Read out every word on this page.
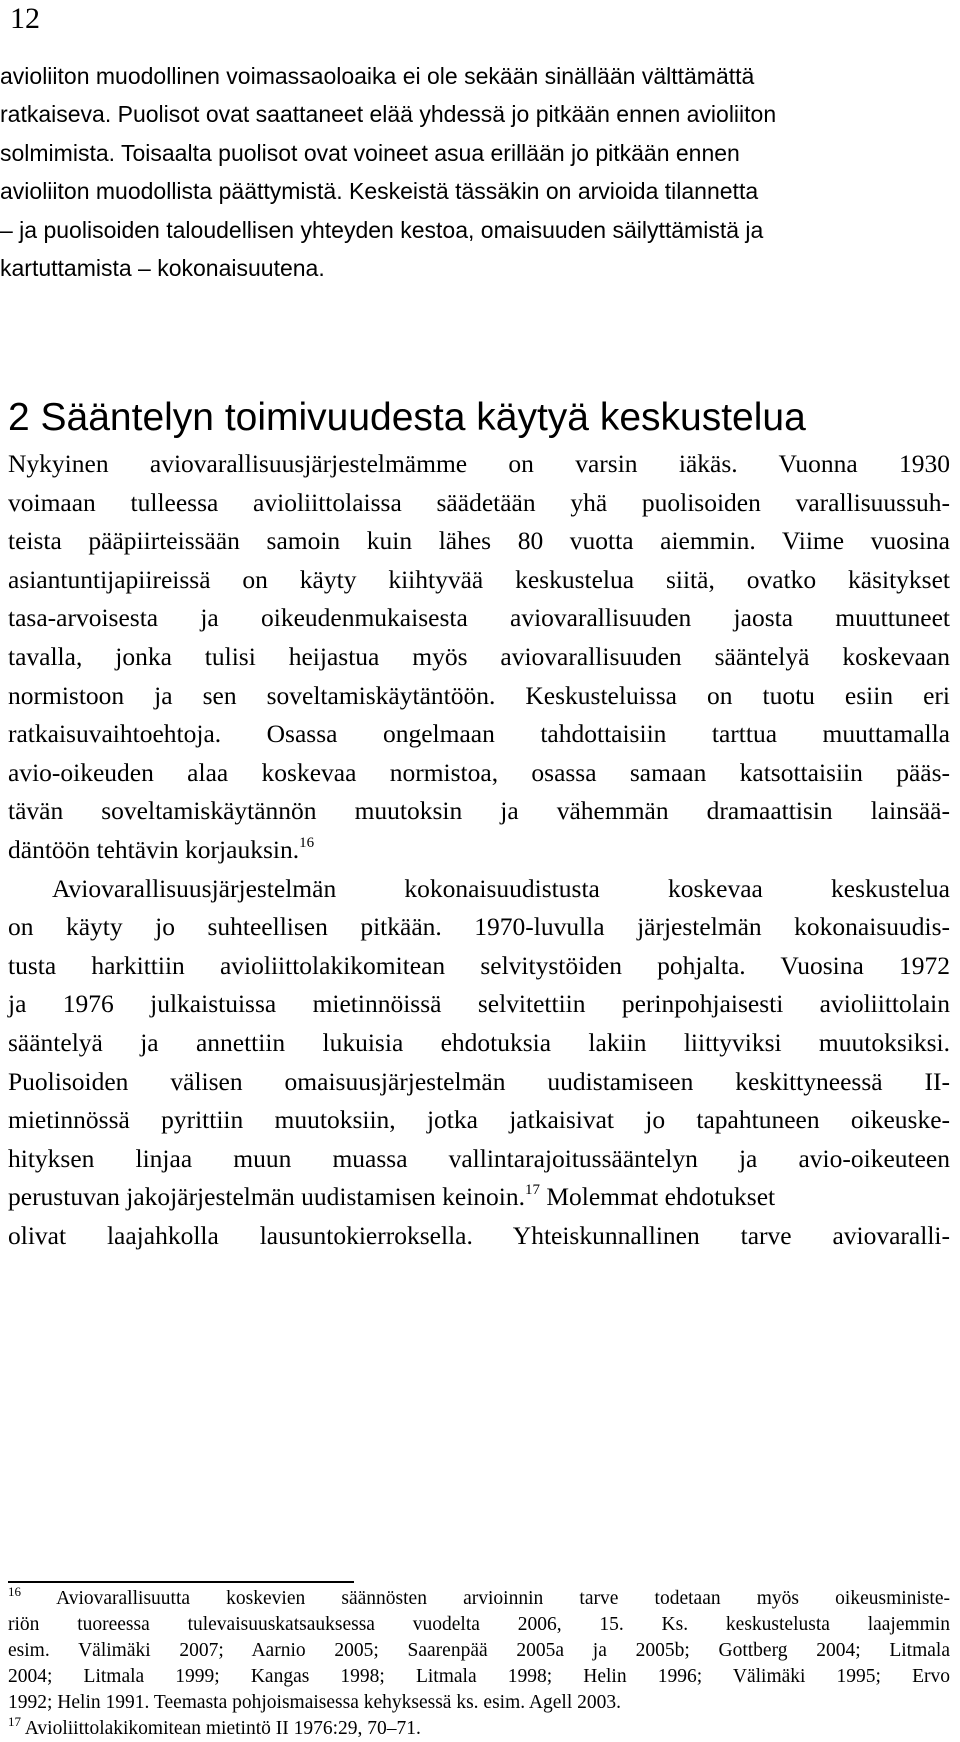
12
avioliiton muodollinen voimassaoloaika ei ole sekään sinällään välttämättä
ratkaiseva. Puolisot ovat saattaneet elää yhdessä jo pitkään ennen avioliiton
solmimista. Toisaalta puolisot ovat voineet asua erillään jo pitkään ennen
avioliiton muodollista päättymistä. Keskeistä tässäkin on arvioida tilannetta
– ja puolisoiden taloudellisen yhteyden kestoa, omaisuuden säilyttämistä ja
kartuttamista – kokonaisuutena.
2 Sääntelyn toimivuudesta käytyä keskustelua
Nykyinen aviovarallisuusjärjestelmämme on varsin iäkäs. Vuonna 1930
voimaan tulleessa avioliittolaissa säädetään yhä puolisoiden varallisuussuh-
teista pääpiirteissään samoin kuin lähes 80 vuotta aiemmin. Viime vuosina
asiantuntijapiireissä on käyty kiihtyvää keskustelua siitä, ovatko käsitykset
tasa-arvoisesta ja oikeudenmukaisesta aviovarallisuuden jaosta muuttuneet
tavalla, jonka tulisi heijastua myös aviovarallisuuden sääntelyä koskevaan
normistoon ja sen soveltamiskäytäntöön. Keskusteluissa on tuotu esiin eri
ratkaisuvaihtoehtoja. Osassa ongelmaan tahdottaisiin tarttua muuttamalla
avio-oikeuden alaa koskevaa normistoa, osassa samaan katsottaisiin pääs-
tävän soveltamiskäytännön muutoksin ja vähemmän dramaattisin lainsää-
däntöön tehtävin korjauksin.$^{16}$
Aviovarallisuusjärjestelmän kokonaisuudistusta koskevaa keskustelua
on käyty jo suhteellisen pitkään. 1970-luvulla järjestelmän kokonaisuudis-
tusta harkittiin avioliittolakikomitean selvitystöiden pohjalta. Vuosina 1972
ja 1976 julkaistuissa mietinnöissä selvitettiin perinpohjaisesti avioliittolain
sääntelyä ja annettiin lukuisia ehdotuksia lakiin liittyviksi muutoksiksi.
Puolisoiden välisen omaisuusjärjestelmän uudistamiseen keskittyneessä II-
mietinnössä pyrittiin muutoksiin, jotka jatkaisivat jo tapahtuneen oikeuske-
hityksen linjaa muun muassa vallintarajoitussääntelyn ja avio-oikeuteen
perustuvan jakojärjestelmän uudistamisen keinoin.$^{17}$ Molemmat ehdotukset
olivat laajahkolla lausuntokierroksella. Yhteiskunnallinen tarve aviovaralli-
$^{16}$ Aviovarallisuutta koskevien säännösten arvioinnin tarve todetaan myös oikeusministe-
riön tuoreessa tulevaisuuskatsauksessa vuodelta 2006, 15. Ks. keskustelusta laajemmin
esim. Välimäki 2007; Aarnio 2005; Saarenpää 2005a ja 2005b; Gottberg 2004; Litmala
2004; Litmala 1999; Kangas 1998; Litmala 1998; Helin 1996; Välimäki 1995; Ervo
1992; Helin 1991. Teemasta pohjoismaisessa kehyksessä ks. esim. Agell 2003.
$^{17}$ Avioliittolakikomitean mietintö II 1976:29, 70–71.
